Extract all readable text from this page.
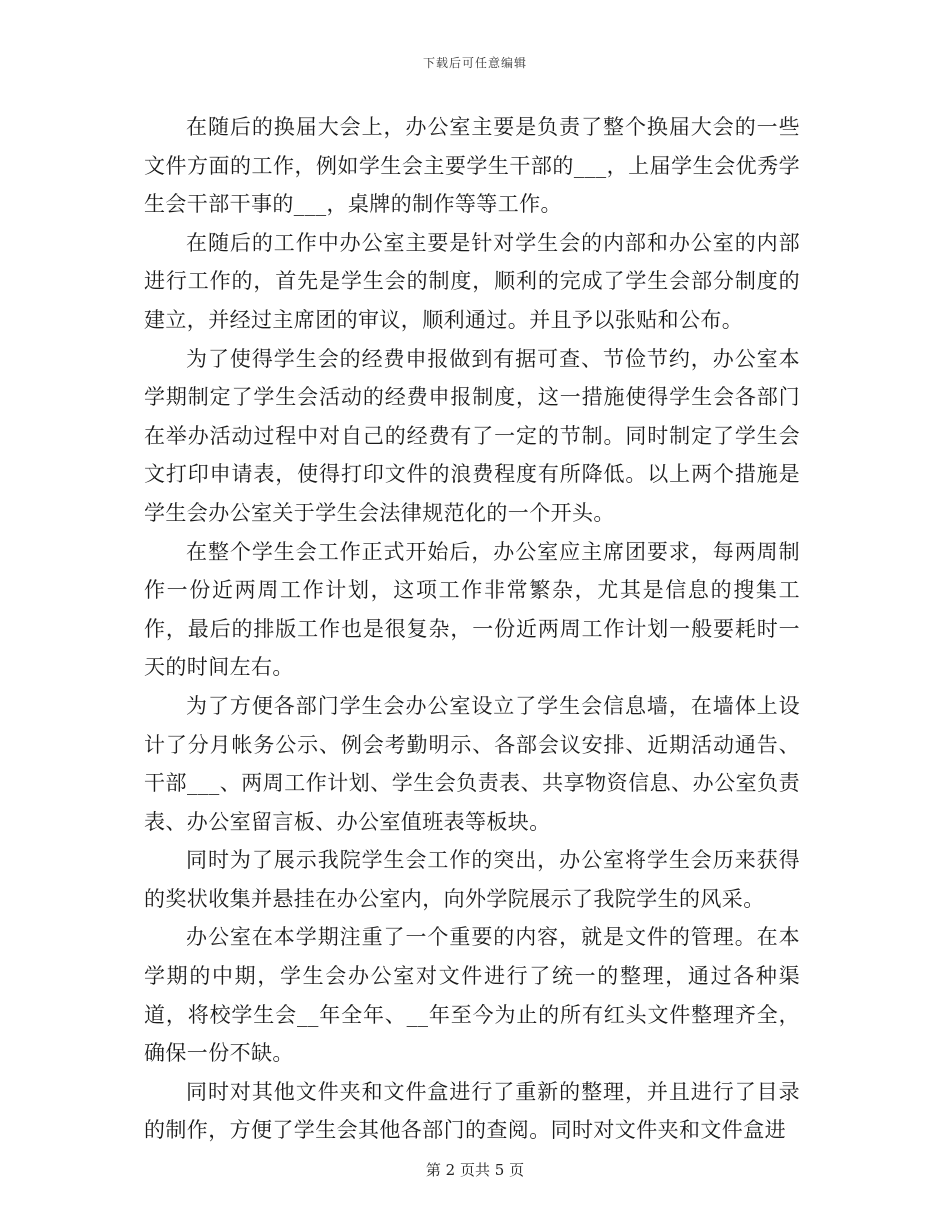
下载后可任意编辑

在随后的换届大会上，办公室主要是负责了整个换届大会的一些文件方面的工作，例如学生会主要学生干部的___，上届学生会优秀学生会干部干事的___，桌牌的制作等等工作。

在随后的工作中办公室主要是针对学生会的内部和办公室的内部进行工作的，首先是学生会的制度，顺利的完成了学生会部分制度的建立，并经过主席团的审议，顺利通过。并且予以张贴和公布。

为了使得学生会的经费申报做到有据可查、节俭节约，办公室本学期制定了学生会活动的经费申报制度，这一措施使得学生会各部门在举办活动过程中对自己的经费有了一定的节制。同时制定了学生会文打印申请表，使得打印文件的浪费程度有所降低。以上两个措施是学生会办公室关于学生会法律规范化的一个开头。

在整个学生会工作正式开始后，办公室应主席团要求，每两周制作一份近两周工作计划，这项工作非常繁杂，尤其是信息的搜集工作，最后的排版工作也是很复杂，一份近两周工作计划一般要耗时一天的时间左右。

为了方便各部门学生会办公室设立了学生会信息墙，在墙体上设计了分月帐务公示、例会考勤明示、各部会议安排、近期活动通告、干部___、两周工作计划、学生会负责表、共享物资信息、办公室负责表、办公室留言板、办公室值班表等板块。

同时为了展示我院学生会工作的突出，办公室将学生会历来获得的奖状收集并悬挂在办公室内，向外学院展示了我院学生的风采。

办公室在本学期注重了一个重要的内容，就是文件的管理。在本学期的中期，学生会办公室对文件进行了统一的整理，通过各种渠道，将校学生会__年全年、__年至今为止的所有红头文件整理齐全，确保一份不缺。

同时对其他文件夹和文件盒进行了重新的整理，并且进行了目录的制作，方便了学生会其他各部门的查阅。同时对文件夹和文件盒进

第 2 页共 5 页
